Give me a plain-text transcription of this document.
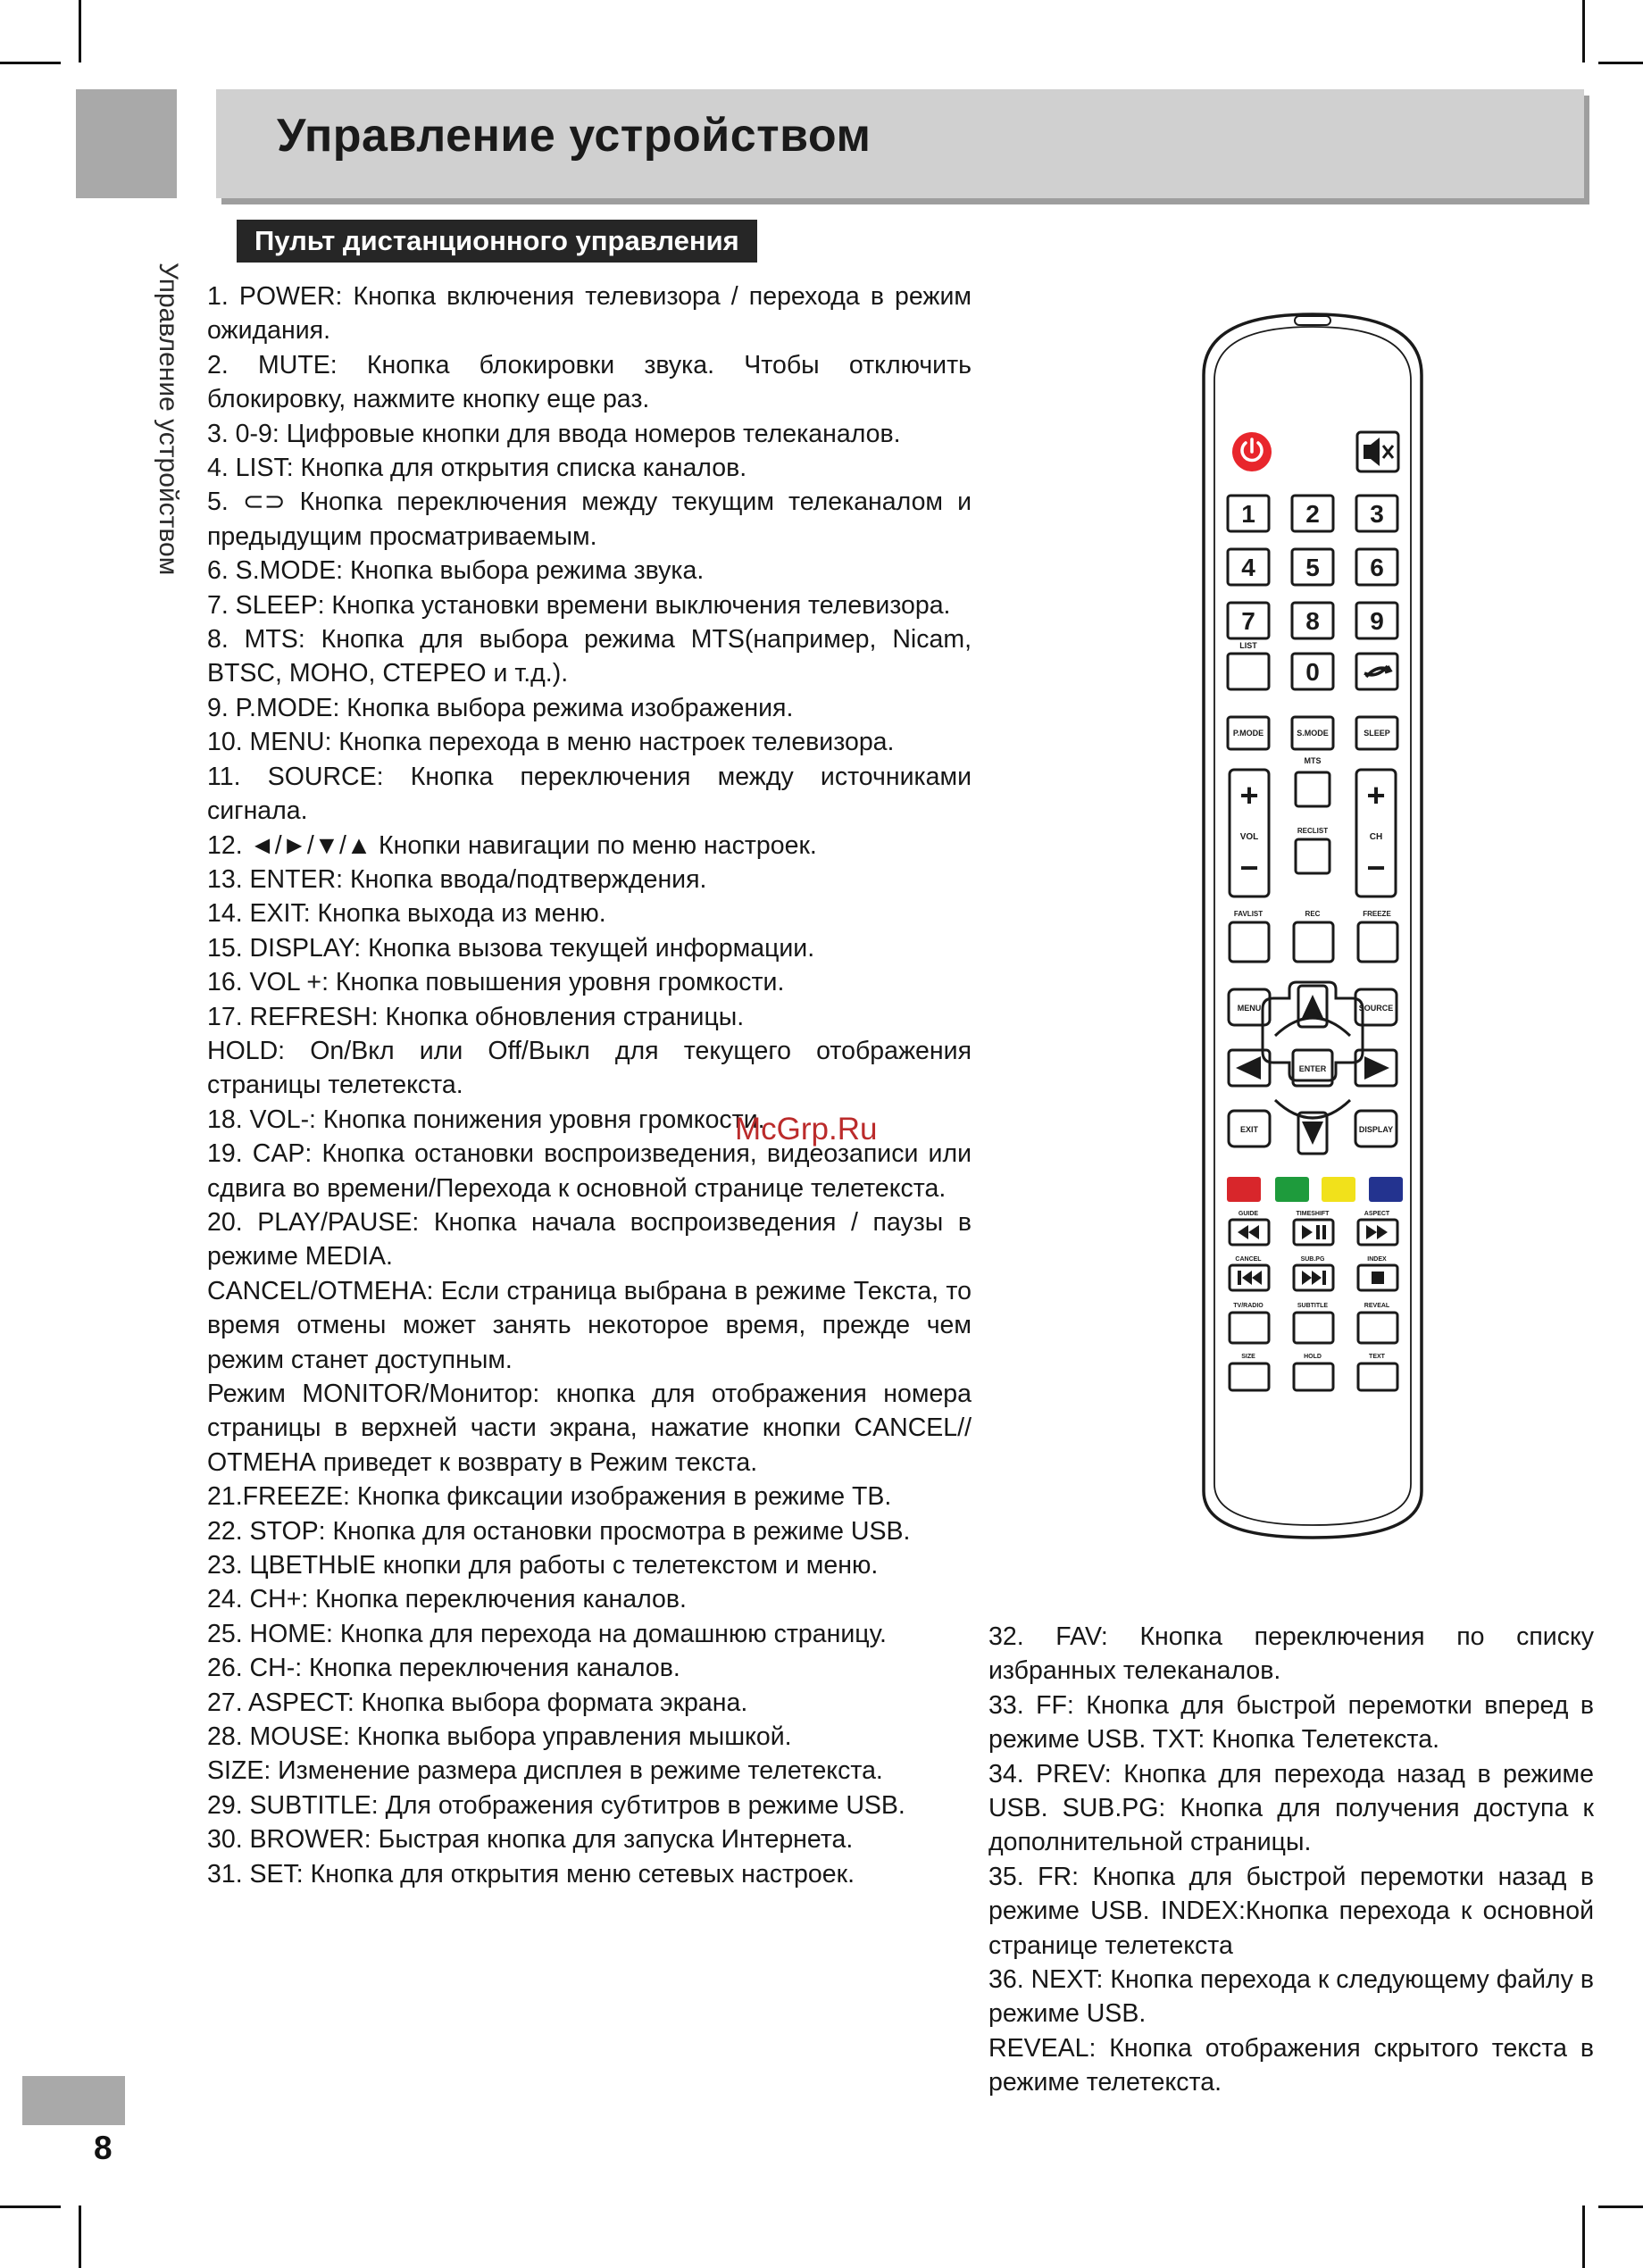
Управление устройством
Управление устройством
Пульт дистанционного управления

1. POWER: Кнопка включения телевизора / перехода в режим ожидания.

2. MUTE: Кнопка блокировки звука. Чтобы отключить блокировку, нажмите кнопку еще раз.

3. 0-9: Цифровые кнопки для ввода номеров телеканалов.

4. LIST: Кнопка для открытия списка каналов.

5. ⊂⊃ Кнопка переключения между текущим телеканалом и предыдущим просматриваемым.

6. S.MODE: Кнопка выбора режима звука.

7. SLEEP: Кнопка установки времени выключения телевизора.

8. MTS: Кнопка для выбора режима MTS(например, Nicam, BTSC, МОНО, СТЕРЕО и т.д.).

9. P.MODE: Кнопка выбора режима изображения.

10. MENU: Кнопка перехода в меню настроек телевизора.

11. SOURCE: Кнопка переключения между источниками сигнала.

12. ◄/►/▼/▲ Кнопки навигации по меню настроек.

13. ENTER: Кнопка ввода/подтверждения.

14. EXIT: Кнопка выхода из меню.

15. DISPLAY: Кнопка вызова текущей информации.

16. VOL +: Кнопка повышения уровня громкости.

17. REFRESH: Кнопка обновления страницы.

HOLD: On/Вкл или Off/Выкл для текущего отображения страницы телетекста.

18. VOL-: Кнопка понижения уровня громкости.

19. CAP: Кнопка остановки воспроизведения, видеозаписи или сдвига во времени/Перехода к основной странице телетекста.

20. PLAY/PAUSE: Кнопка начала воспроизведения / паузы в режиме MEDIA.

CANCEL/ОТМЕНА: Если страница выбрана в режиме Текста, то время отмены может занять некоторое время, прежде чем режим станет доступным.

Режим MONITOR/Монитор: кнопка для отображения номера страницы в верхней части экрана, нажатие кнопки CANCEL//ОТМЕНА приведет к возврату в Режим текста.

21.FREEZE: Кнопка фиксации изображения в режиме ТВ.

22. STOP: Кнопка для остановки просмотра в режиме USB.

23. ЦВЕТНЫЕ кнопки для работы с телетекстом и меню.

24. CH+: Кнопка переключения каналов.

25. HOME: Кнопка для перехода на домашнюю страницу.

26. CH-: Кнопка переключения каналов.

27. ASPECT: Кнопка выбора формата экрана.

28. MOUSE: Кнопка выбора управления мышкой.

SIZE: Изменение размера дисплея в режиме телетекста.

29. SUBTITLE: Для отображения субтитров в режиме USB.

30. BROWER: Быстрая кнопка для запуска Интернета.

31. SET: Кнопка для открытия меню сетевых настроек.

32. FAV: Кнопка переключения по списку избранных телеканалов.

33. FF: Кнопка для быстрой перемотки вперед в режиме USB. TXT: Кнопка Телетекста.

34. PREV: Кнопка для перехода назад в режиме USB. SUB.PG: Кнопка для получения доступа к дополнительной страницы.

35. FR: Кнопка для быстрой перемотки назад в режиме USB. INDEX:Кнопка перехода к основной странице телетекста

36. NEXT: Кнопка перехода к следующему файлу в режиме USB.

REVEAL: Кнопка отображения скрытого текста в режиме телетекста.

McGrp.Ru
1 2 3
4 5 6
7 8 9
LIST
0
P.MODE	S.MODE	SLEEP
MTS
+
VOL
−
RECLIST
+
CH
−
FAVLIST	REC	FREEZE
MENU	SOURCE
ENTER
EXIT	DISPLAY
GUIDE	TIMESHIFT	ASPECT
CANCEL	SUB.PG	INDEX
TV/RADIO	SUBTITLE	REVEAL
SIZE	HOLD	TEXT
8
